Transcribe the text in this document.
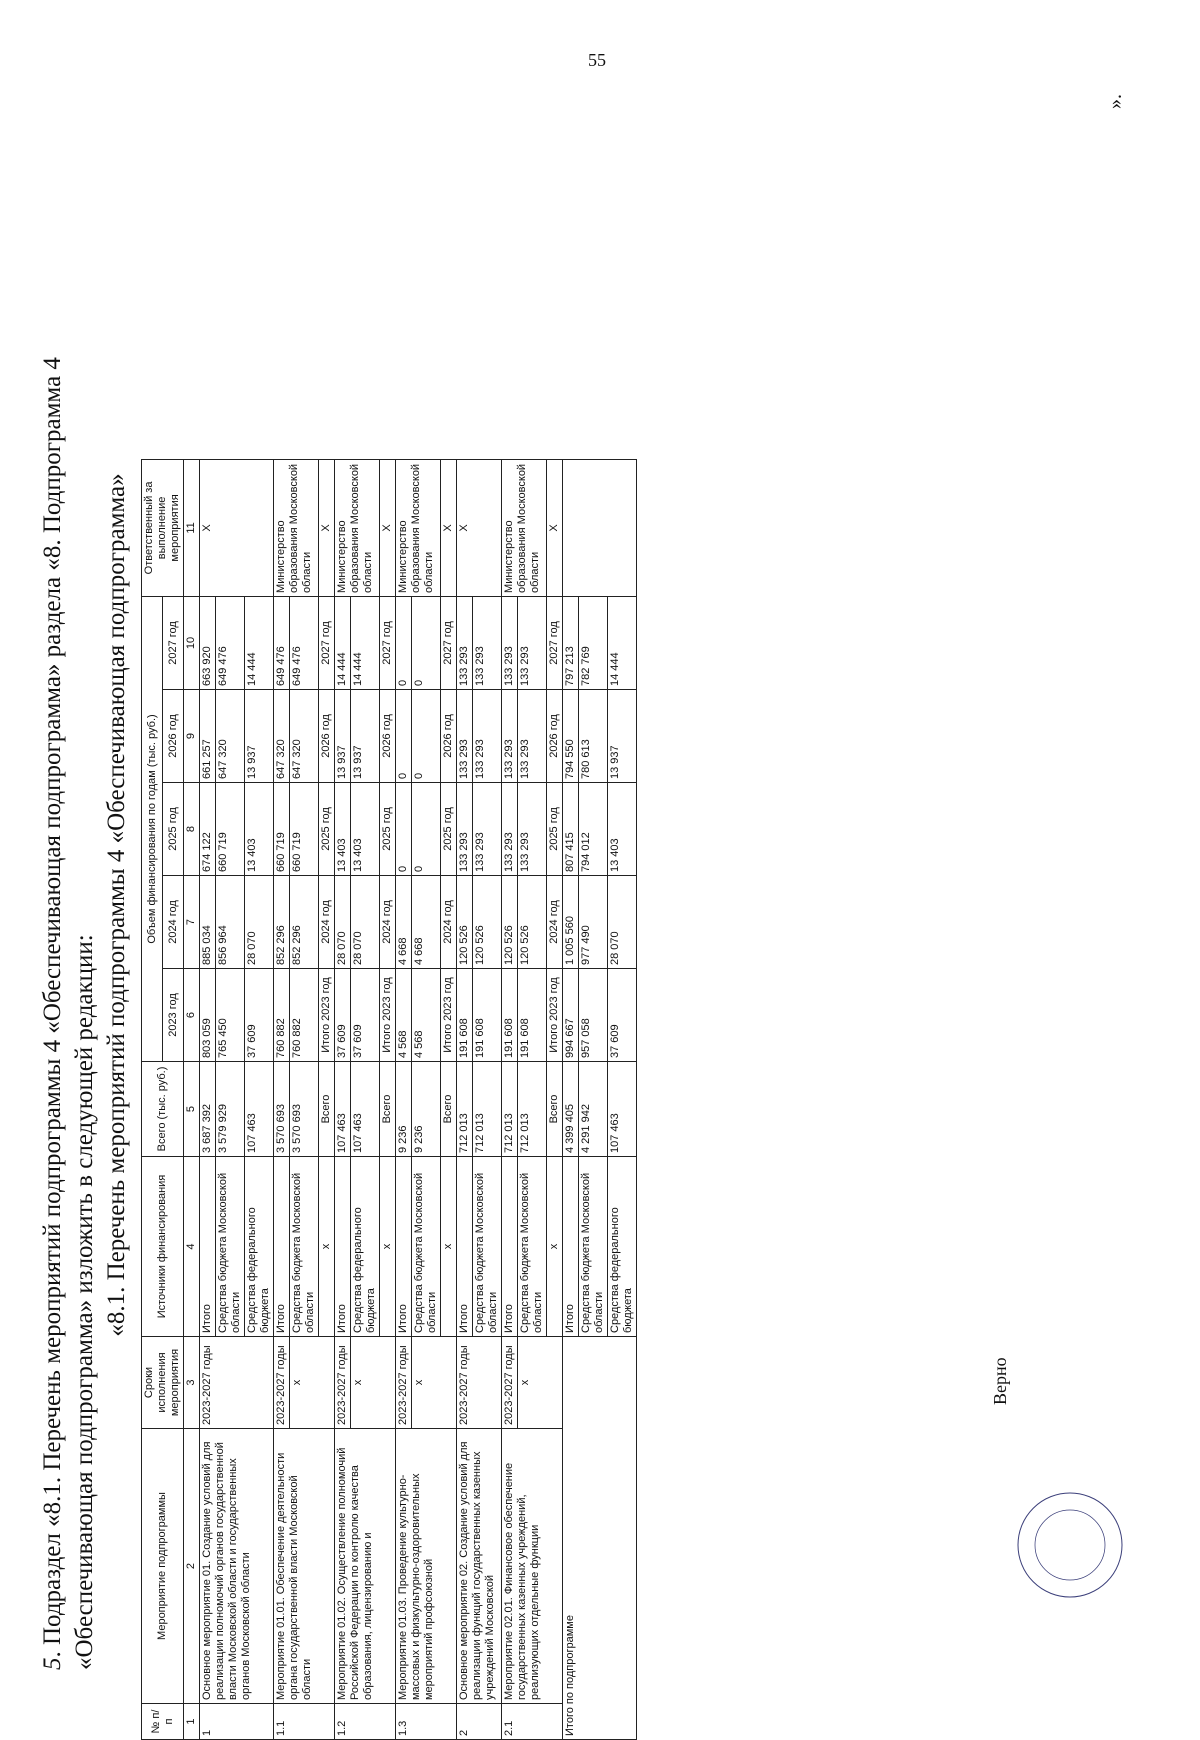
55
5. Подраздел «8.1. Перечень мероприятий подпрограммы 4 «Обеспечивающая подпрограмма» раздела «8. Подпрограмма 4 «Обеспечивающая подпрограмма» изложить в следующей редакции: «8.1. Перечень мероприятий подпрограммы 4 «Обеспечивающая подпрограмма»
№ п/п	Мероприятие подпрограммы	Сроки исполнения мероприятия	Источники финансирования	Всего (тыс. руб.)	Объем финансирования по годам (тыс. руб.)					Ответственный за выполнение мероприятия
					2023 год	2024 год	2025 год	2026 год	2027 год	
1	2	3	4	5	6	7	8	9	10	11
1	Основное мероприятие 01. Создание условий для реализации полномочий органов государственной власти Московской области и государственных органов Московской области	2023-2027 годы	Итого	3 687 392	803 059	885 034	674 122	661 257	663 920	X
			Средства бюджета Московской области	3 579 929	765 450	856 964	660 719	647 320	649 476	
			Средства федерального бюджета	107 463	37 609	28 070	13 403	13 937	14 444	
1.1	Мероприятие 01.01. Обеспечение деятельности органа государственной власти Московской области	2023-2027 годы	Итого	3 570 693	760 882	852 296	660 719	647 320	649 476	Министерство образования Московской области
		x	Средства бюджета Московской области	3 570 693	760 882	852 296	660 719	647 320	649 476	
			x	Всего	Итого 2023 год	2024 год	2025 год	2026 год	2027 год	X
1.2	Мероприятие 01.02. Осуществление полномочий Российской Федерации по контролю качества образования, лицензированию и	2023-2027 годы	Итого	107 463	37 609	28 070	13 403	13 937	14 444	Министерство образования Московской области
		x	Средства федерального бюджета	107 463	37 609	28 070	13 403	13 937	14 444	
			x	Всего	Итого 2023 год	2024 год	2025 год	2026 год	2027 год	X
1.3	Мероприятие 01.03. Проведение культурно-массовых и физкультурно-оздоровительных мероприятий профсоюзной	2023-2027 годы	Итого	9 236	4 568	4 668	0	0	0	Министерство образования Московской области
		x	Средства бюджета Московской области	9 236	4 568	4 668	0	0	0	
			x	Всего	Итого 2023 год	2024 год	2025 год	2026 год	2027 год	X
2	Основное мероприятие 02. Создание условий для реализации функций государственных казенных учреждений Московской	2023-2027 годы	Итого	712 013	191 608	120 526	133 293	133 293	133 293	X
			Средства бюджета Московской области	712 013	191 608	120 526	133 293	133 293	133 293	
2.1	Мероприятие 02.01. Финансовое обеспечение государственных казенных учреждений, реализующих отдельные функции	2023-2027 годы	Итого	712 013	191 608	120 526	133 293	133 293	133 293	Министерство образования Московской области
		x	Средства бюджета Московской области	712 013	191 608	120 526	133 293	133 293	133 293	
			x	Всего	Итого 2023 год	2024 год	2025 год	2026 год	2027 год	X
Итого по подпрограмме			Итого	4 399 405	994 667	1 005 560	807 415	794 550	797 213	
			Средства бюджета Московской области	4 291 942	957 058	977 490	794 012	780 613	782 769	
			Средства федерального бюджета	107 463	37 609	28 070	13 403	13 937	14 444	
».
Верно
